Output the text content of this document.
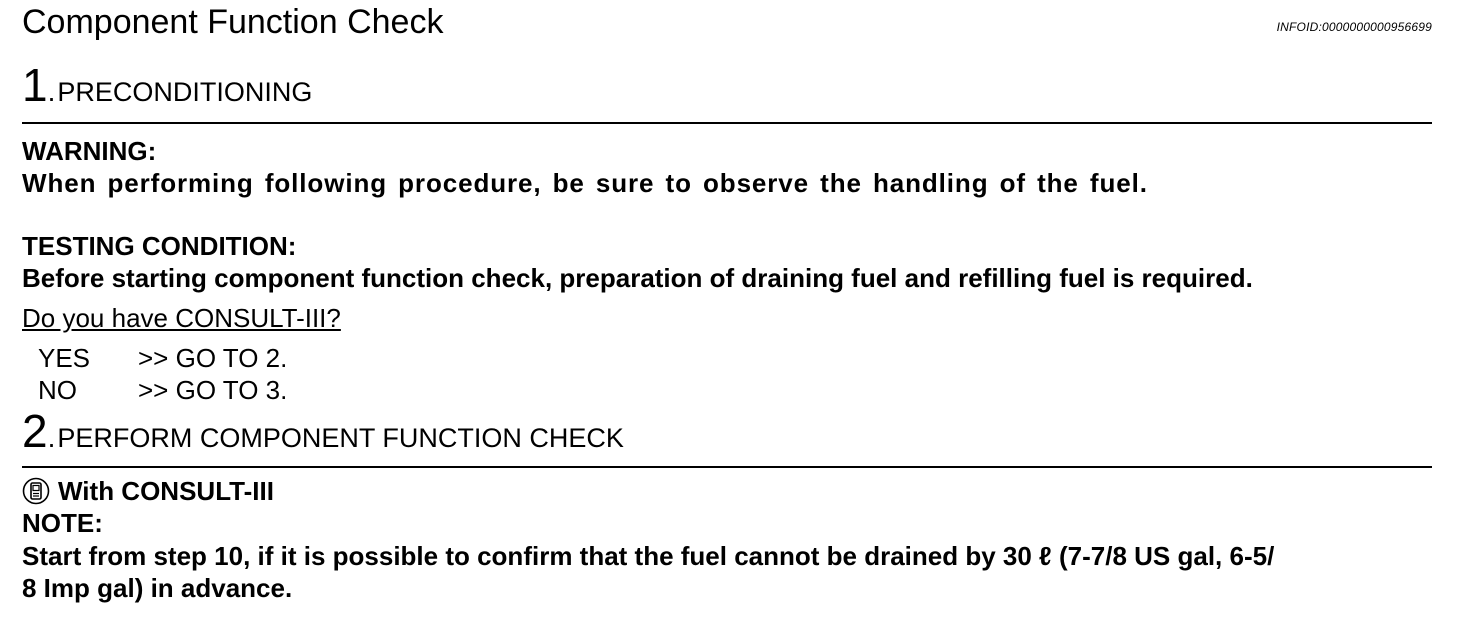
Component Function Check	INFOID:0000000000956699
1 . PRECONDITIONING
WARNING:
When performing following procedure, be sure to observe the handling of the fuel.
TESTING CONDITION:
Before starting component function check, preparation of draining fuel and refilling fuel is required.
Do you have CONSULT-III?
YES	>> GO TO 2.
NO	>> GO TO 3.
2 . PERFORM COMPONENT FUNCTION CHECK
With CONSULT-III
NOTE:
Start from step 10, if it is possible to confirm that the fuel cannot be drained by 30 ℓ (7-7/8 US gal, 6-5/
8 Imp gal) in advance.
